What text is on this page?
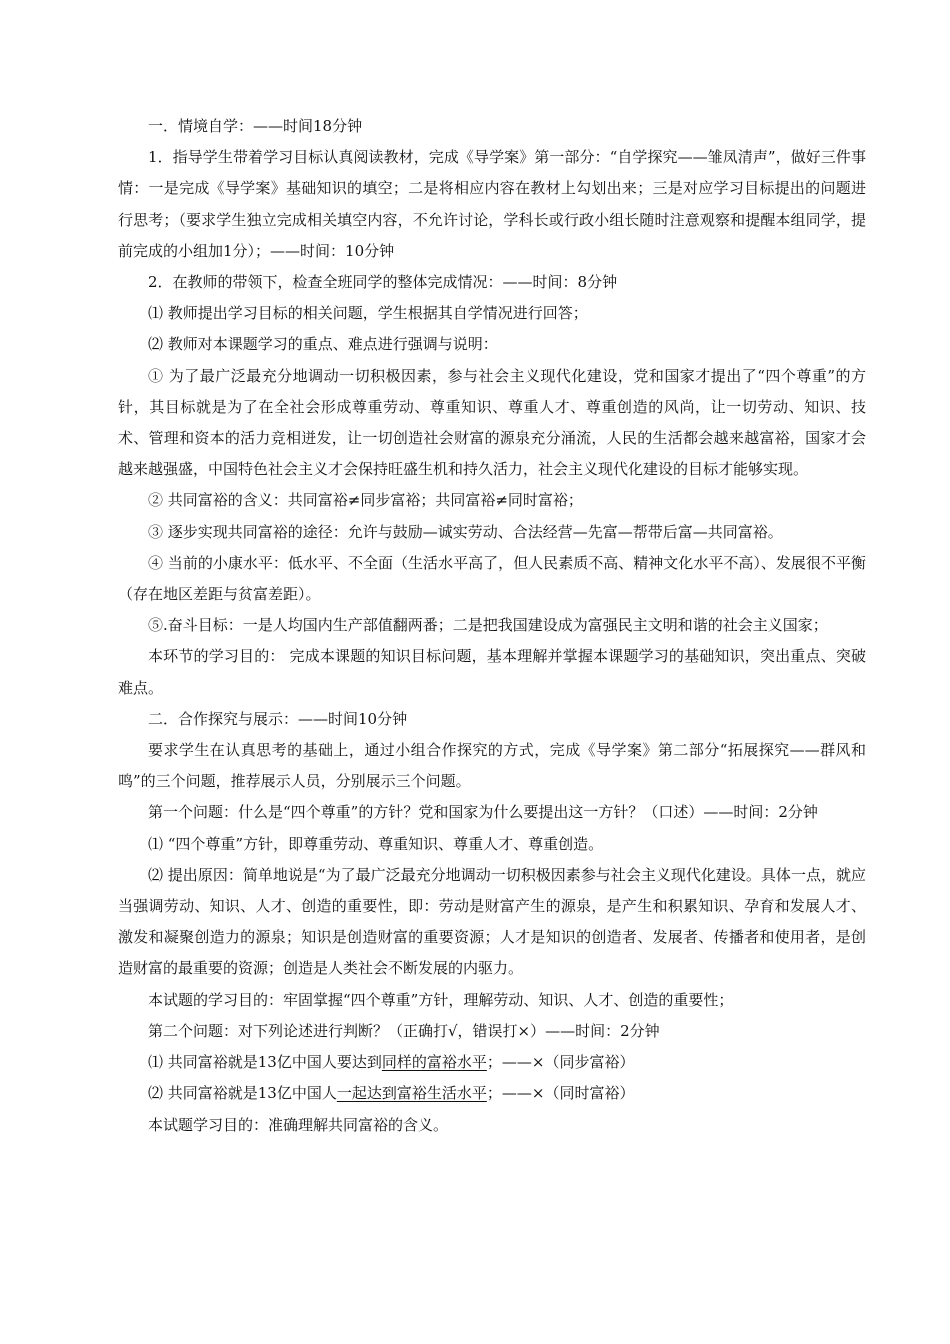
一．情境自学：——时间18分钟

1．指导学生带着学习目标认真阅读教材，完成《导学案》第一部分：“自学探究——雏凤清声”，做好三件事情：一是完成《导学案》基础知识的填空；二是将相应内容在教材上勾划出来；三是对应学习目标提出的问题进行思考；（要求学生独立完成相关填空内容，不允许讨论，学科长或行政小组长随时注意观察和提醒本组同学，提前完成的小组加1分）；——时间：10分钟

2．在教师的带领下，检查全班同学的整体完成情况：——时间：8分钟

⑴ 教师提出学习目标的相关问题，学生根据其自学情况进行回答；

⑵ 教师对本课题学习的重点、难点进行强调与说明：

① 为了最广泛最充分地调动一切积极因素，参与社会主义现代化建设，党和国家才提出了“四个尊重”的方针，其目标就是为了在全社会形成尊重劳动、尊重知识、尊重人才、尊重创造的风尚，让一切劳动、知识、技术、管理和资本的活力竞相迸发，让一切创造社会财富的源泉充分涌流，人民的生活都会越来越富裕，国家才会越来越强盛，中国特色社会主义才会保持旺盛生机和持久活力，社会主义现代化建设的目标才能够实现。

② 共同富裕的含义：共同富裕≠同步富裕；共同富裕≠同时富裕；

③ 逐步实现共同富裕的途径：允许与鼓励—诚实劳动、合法经营—先富—帮带后富—共同富裕。

④ 当前的小康水平：低水平、不全面（生活水平高了，但人民素质不高、精神文化水平不高）、发展很不平衡（存在地区差距与贫富差距）。

⑤.奋斗目标：一是人均国内生产部值翻两番；二是把我国建设成为富强民主文明和谐的社会主义国家；

本环节的学习目的： 完成本课题的知识目标问题，基本理解并掌握本课题学习的基础知识，突出重点、突破难点。

二．合作探究与展示：——时间10分钟

要求学生在认真思考的基础上，通过小组合作探究的方式，完成《导学案》第二部分“拓展探究——群风和鸣”的三个问题，推荐展示人员，分别展示三个问题。

第一个问题：什么是“四个尊重”的方针？党和国家为什么要提出这一方针？（口述）——时间：2分钟

⑴ “四个尊重”方针，即尊重劳动、尊重知识、尊重人才、尊重创造。

⑵ 提出原因：简单地说是“为了最广泛最充分地调动一切积极因素参与社会主义现代化建设。具体一点，就应当强调劳动、知识、人才、创造的重要性，即：劳动是财富产生的源泉，是产生和积累知识、孕育和发展人才、激发和凝聚创造力的源泉；知识是创造财富的重要资源；人才是知识的创造者、发展者、传播者和使用者，是创造财富的最重要的资源；创造是人类社会不断发展的内驱力。

本试题的学习目的：牢固掌握“四个尊重”方针，理解劳动、知识、人才、创造的重要性；

第二个问题：对下列论述进行判断？（正确打√，错误打×）——时间：2分钟

⑴ 共同富裕就是13亿中国人要达到同样的富裕水平；——×（同步富裕）

⑵ 共同富裕就是13亿中国人一起达到富裕生活水平；——×（同时富裕）

本试题学习目的：准确理解共同富裕的含义。
